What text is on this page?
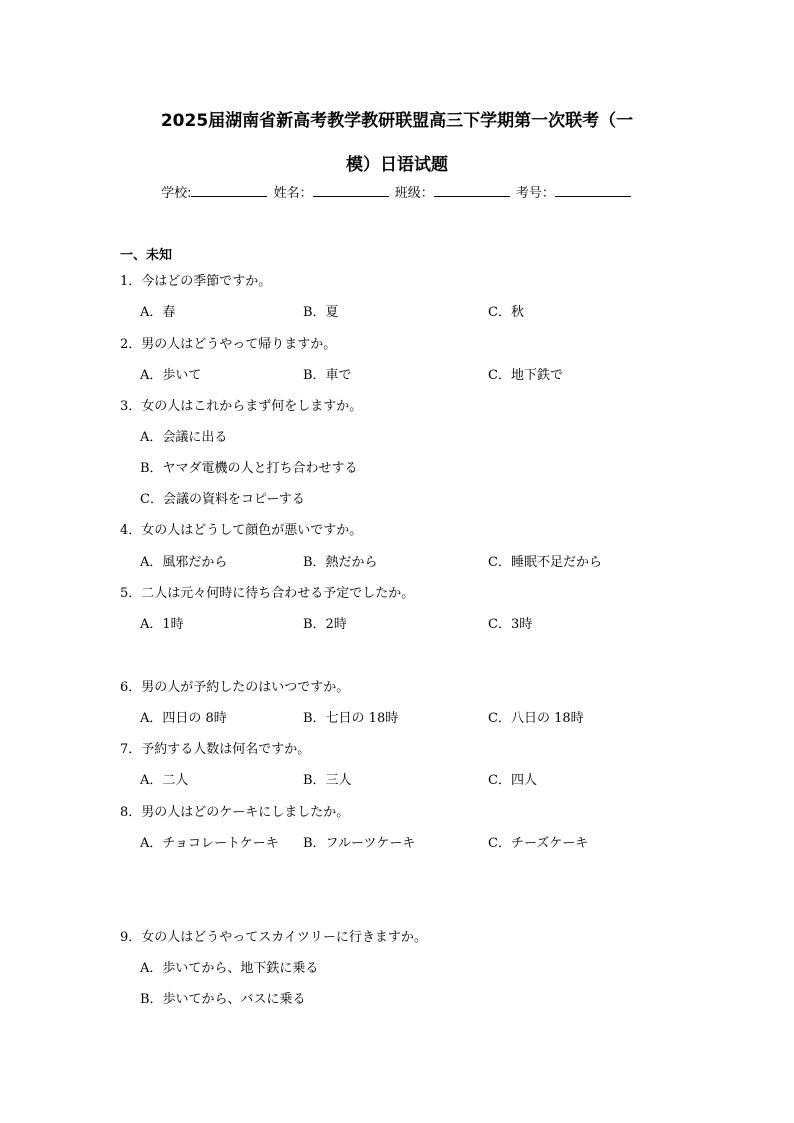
2025届湖南省新高考教学教研联盟高三下学期第一次联考（一
模）日语试题
学校:	姓名：	班级：	考号：
一、未知
1．今はどの季節ですか。
A．春	B．夏	C．秋
2．男の人はどうやって帰りますか。
A．歩いて	B．車で	C．地下鉄で
3．女の人はこれからまず何をしますか。
A．会議に出る
B．ヤマダ電機の人と打ち合わせする
C．会議の資料をコピーする
4．女の人はどうして顔色が悪いですか。
A．風邪だから	B．熱だから	C．睡眠不足だから
5．二人は元々何時に待ち合わせる予定でしたか。
A．1時	B．2時	C．3時
6．男の人が予約したのはいつですか。
A．四日の 8時	B．七日の 18時	C．八日の 18時
7．予約する人数は何名ですか。
A．二人	B．三人	C．四人
8．男の人はどのケーキにしましたか。
A．チョコレートケーキ B．フルーツケーキ	C．チーズケーキ
9．女の人はどうやってスカイツリーに行きますか。
A．歩いてから、地下鉄に乗る
B．歩いてから、バスに乗る
